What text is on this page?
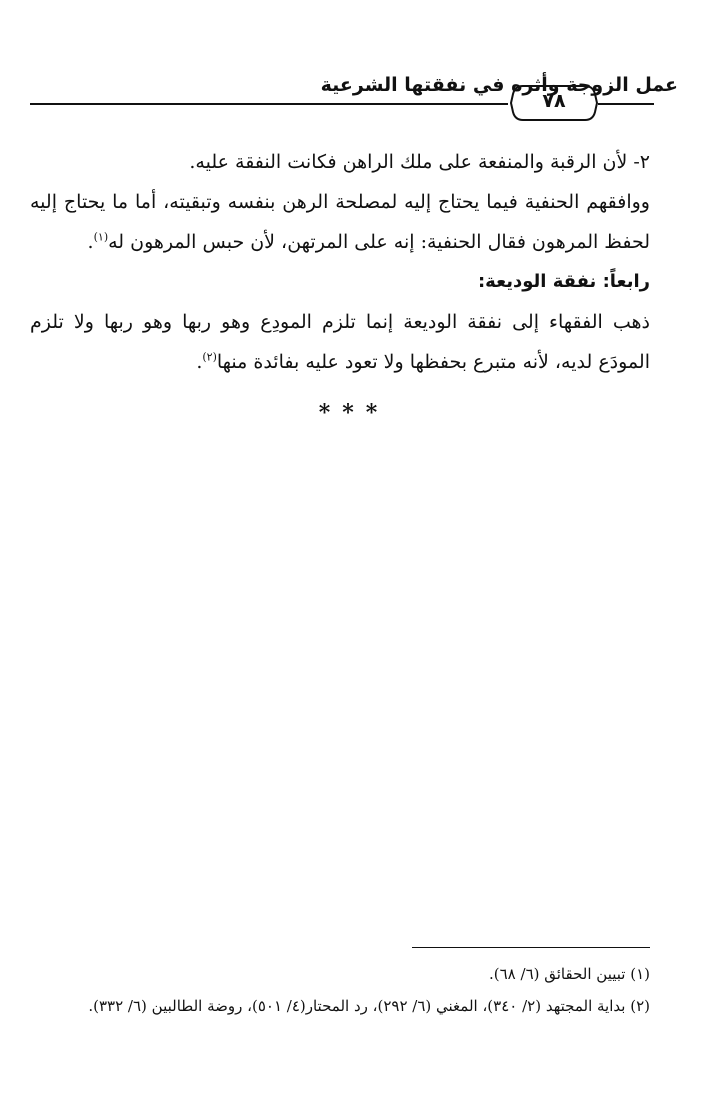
عمل الزوجة وأثره في نفقتها الشرعية
٧٨

٢- لأن الرقبة والمنفعة على ملك الراهن فكانت النفقة عليه.

ووافقهم الحنفية فيما يحتاج إليه لمصلحة الرهن بنفسه وتبقيته، أما ما يحتاج إليه لحفظ المرهون فقال الحنفية: إنه على المرتهن، لأن حبس المرهون له$^{(١)}$.

رابعاً: نفقة الوديعة:

ذهب الفقهاء إلى نفقة الوديعة إنما تلزم المودِع وهو ربها وهو ربها ولا تلزم المودَع لديه، لأنه متبرع بحفظها ولا تعود عليه بفائدة منها$^{(٢)}$.

***

(١) تبيين الحقائق (٦/ ٦٨).

(٢) بداية المجتهد (٢/ ٣٤٠)، المغني (٦/ ٢٩٢)، رد المحتار(٤/ ٥٠١)، روضة الطالبين (٦/ ٣٣٢).
